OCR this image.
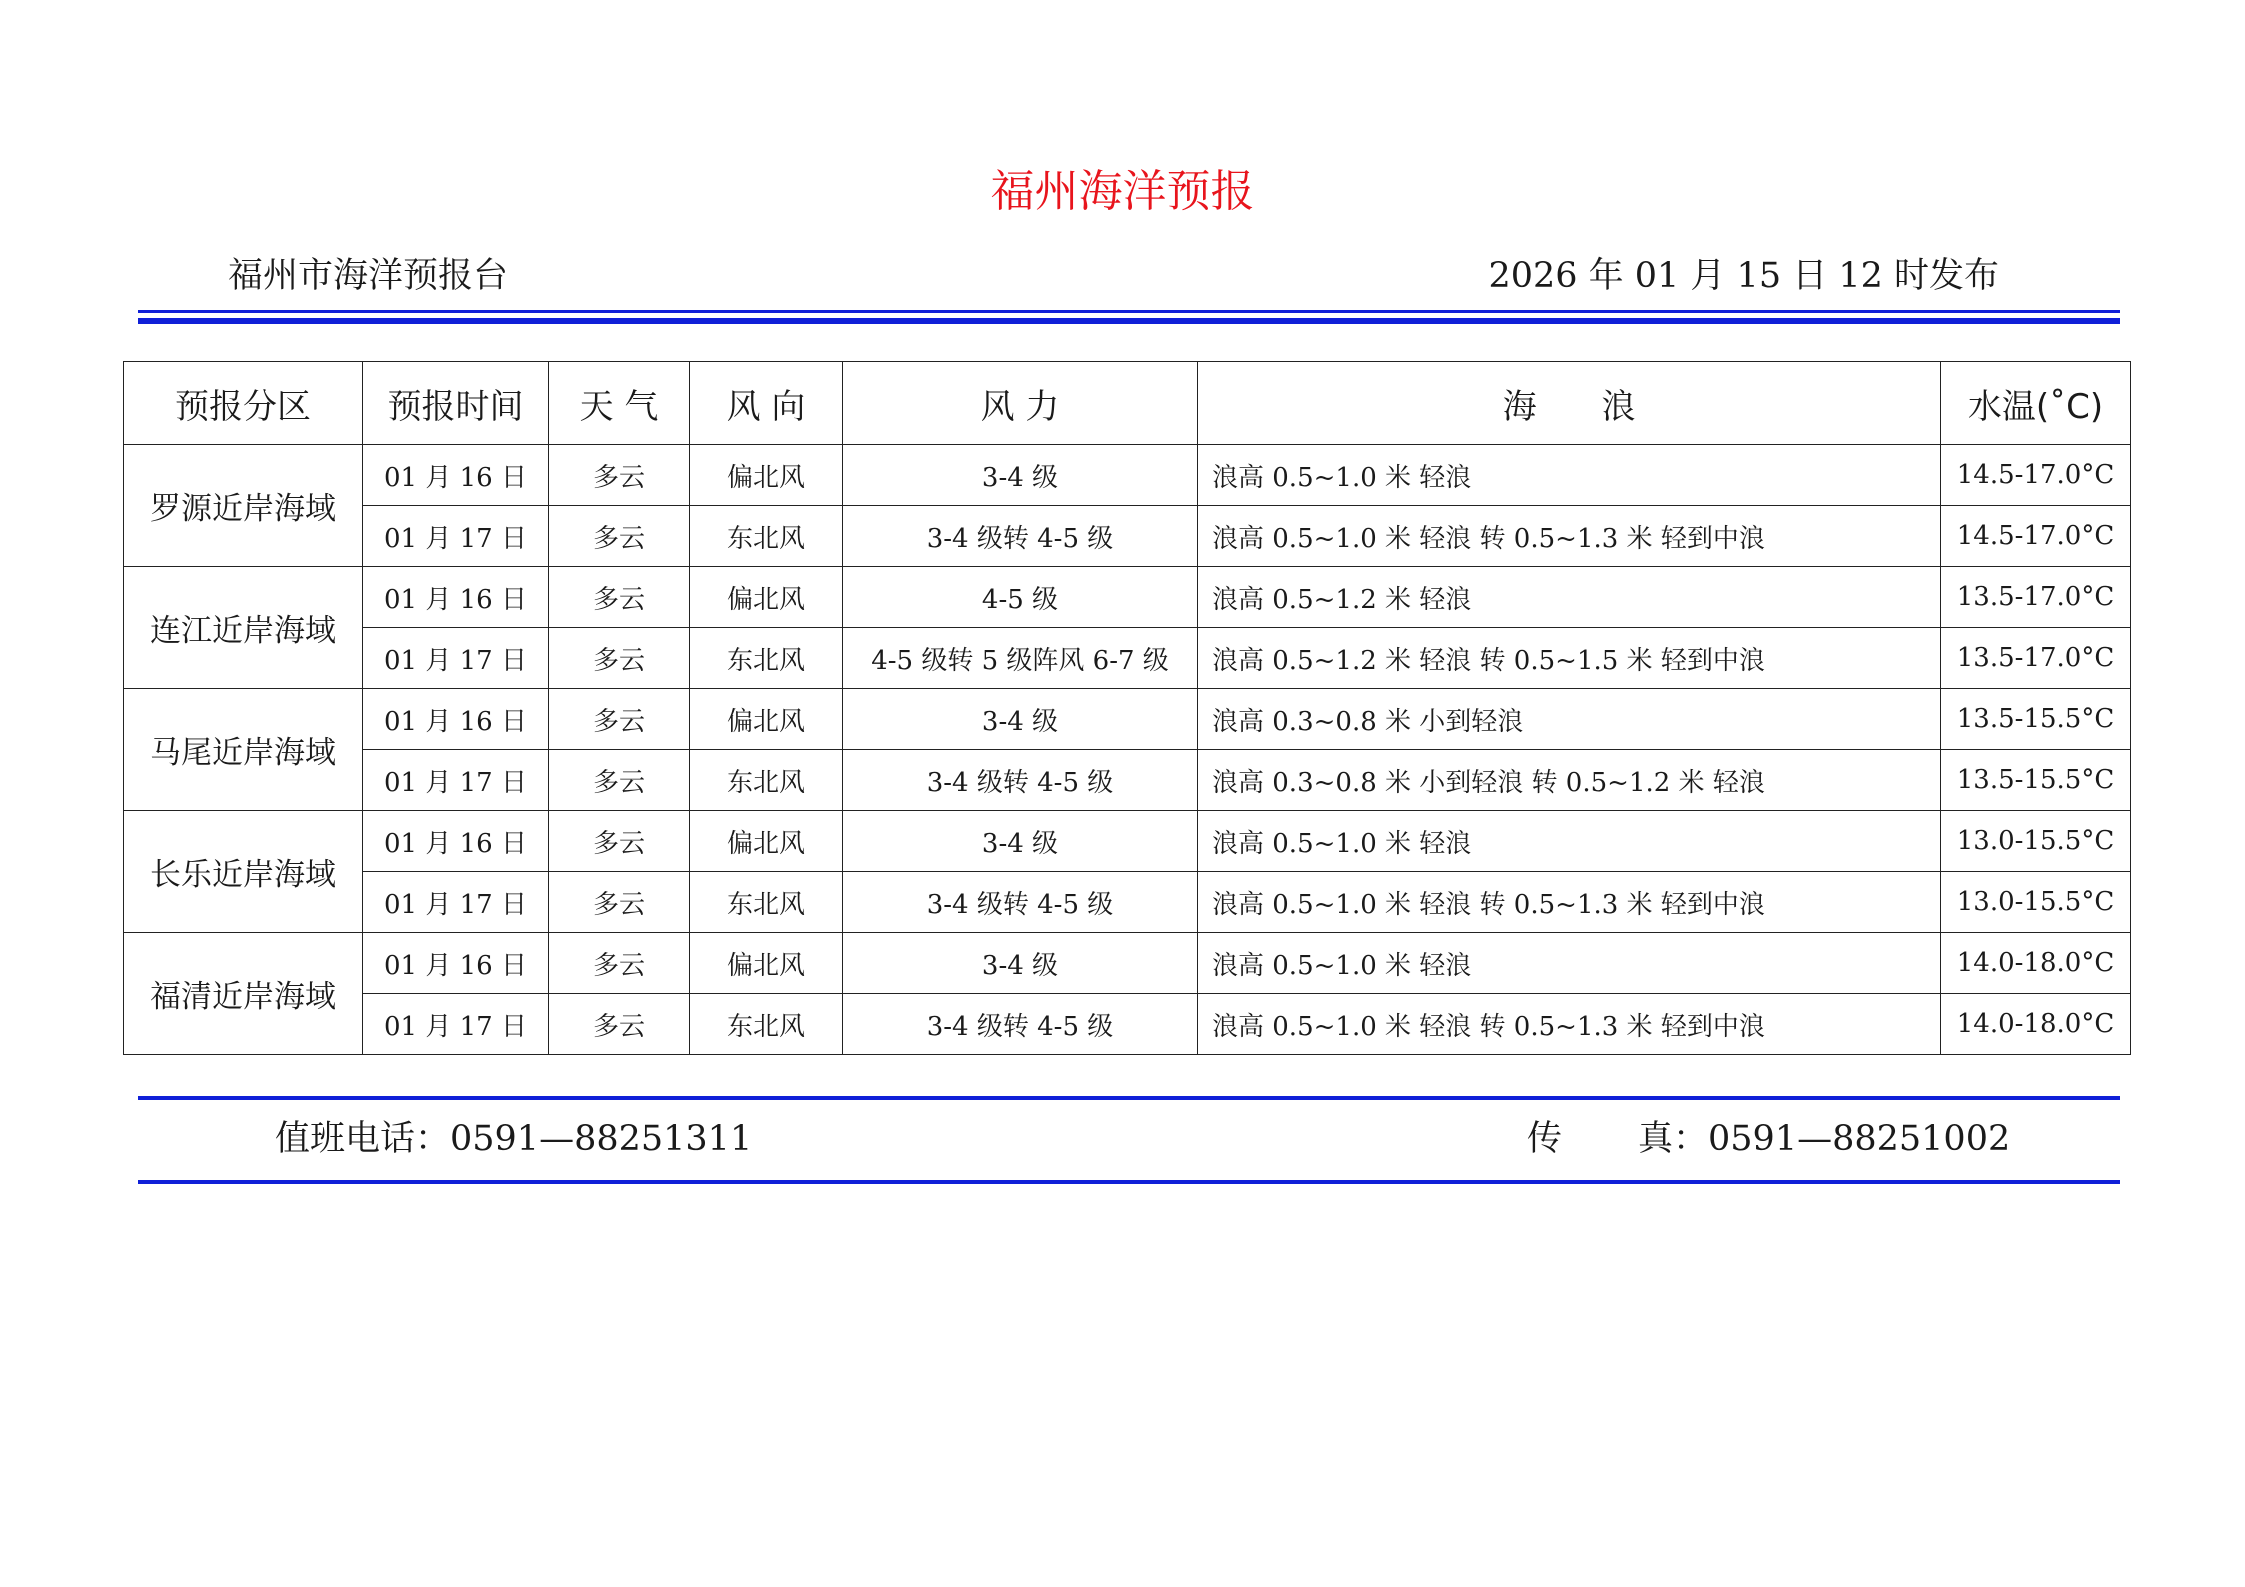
福州海洋预报
福州市海洋预报台	2026 年 01 月 15 日 12 时发布
预报分区	预报时间	天 气	风 向	风 力	海      浪	水温(˚C)
罗源近岸海域	01 月 16 日	多云	偏北风	3-4 级	浪高 0.5~1.0 米 轻浪	14.5-17.0°C
	01 月 17 日	多云	东北风	3-4 级转 4-5 级	浪高 0.5~1.0 米 轻浪 转 0.5~1.3 米 轻到中浪	14.5-17.0°C
连江近岸海域	01 月 16 日	多云	偏北风	4-5 级	浪高 0.5~1.2 米 轻浪	13.5-17.0°C
	01 月 17 日	多云	东北风	4-5 级转 5 级阵风 6-7 级	浪高 0.5~1.2 米 轻浪 转 0.5~1.5 米 轻到中浪	13.5-17.0°C
马尾近岸海域	01 月 16 日	多云	偏北风	3-4 级	浪高 0.3~0.8 米 小到轻浪	13.5-15.5°C
	01 月 17 日	多云	东北风	3-4 级转 4-5 级	浪高 0.3~0.8 米 小到轻浪 转 0.5~1.2 米 轻浪	13.5-15.5°C
长乐近岸海域	01 月 16 日	多云	偏北风	3-4 级	浪高 0.5~1.0 米 轻浪	13.0-15.5°C
	01 月 17 日	多云	东北风	3-4 级转 4-5 级	浪高 0.5~1.0 米 轻浪 转 0.5~1.3 米 轻到中浪	13.0-15.5°C
福清近岸海域	01 月 16 日	多云	偏北风	3-4 级	浪高 0.5~1.0 米 轻浪	14.0-18.0°C
	01 月 17 日	多云	东北风	3-4 级转 4-5 级	浪高 0.5~1.0 米 轻浪 转 0.5~1.3 米 轻到中浪	14.0-18.0°C
值班电话：0591—88251311	传 真：0591—88251002
